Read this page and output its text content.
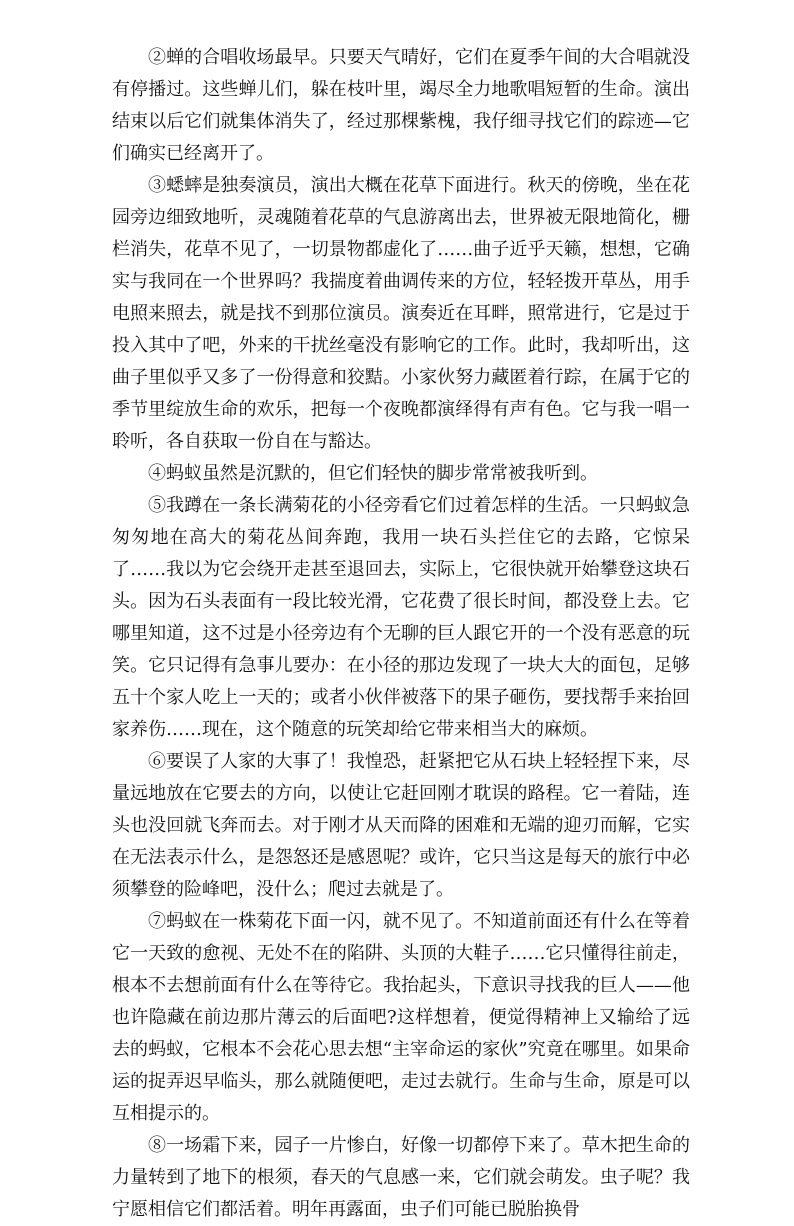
②蝉的合唱收场最早。只要天气晴好，它们在夏季午间的大合唱就没有停播过。这些蝉儿们，躲在枝叶里，竭尽全力地歌唱短暂的生命。演出结束以后它们就集体消失了，经过那棵紫槐，我仔细寻找它们的踪迹—它们确实已经离开了。

③蟋蟀是独奏演员，演出大概在花草下面进行。秋天的傍晚，坐在花园旁边细致地听，灵魂随着花草的气息游离出去，世界被无限地简化，栅栏消失，花草不见了，一切景物都虚化了……曲子近乎天籁，想想，它确实与我同在一个世界吗？我揣度着曲调传来的方位，轻轻拨开草丛，用手电照来照去，就是找不到那位演员。演奏近在耳畔，照常进行，它是过于投入其中了吧，外来的干扰丝毫没有影响它的工作。此时，我却听出，这曲子里似乎又多了一份得意和狡黠。小家伙努力藏匿着行踪，在属于它的季节里绽放生命的欢乐，把每一个夜晚都演绎得有声有色。它与我一唱一聆听，各自获取一份自在与豁达。

④蚂蚁虽然是沉默的，但它们轻快的脚步常常被我听到。

⑤我蹲在一条长满菊花的小径旁看它们过着怎样的生活。一只蚂蚁急匆匆地在高大的菊花丛间奔跑，我用一块石头拦住它的去路，它惊呆了……我以为它会绕开走甚至退回去，实际上，它很快就开始攀登这块石头。因为石头表面有一段比较光滑，它花费了很长时间，都没登上去。它哪里知道，这不过是小径旁边有个无聊的巨人跟它开的一个没有恶意的玩笑。它只记得有急事儿要办：在小径的那边发现了一块大大的面包，足够五十个家人吃上一天的；或者小伙伴被落下的果子砸伤，要找帮手来抬回家养伤……现在，这个随意的玩笑却给它带来相当大的麻烦。

⑥要误了人家的大事了！我惶恐，赶紧把它从石块上轻轻捏下来，尽量远地放在它要去的方向，以使让它赶回刚才耽误的路程。它一着陆，连头也没回就飞奔而去。对于刚才从天而降的困难和无端的迎刃而解，它实在无法表示什么，是怨怒还是感恩呢？或许，它只当这是每天的旅行中必须攀登的险峰吧，没什么；爬过去就是了。

⑦蚂蚁在一株菊花下面一闪，就不见了。不知道前面还有什么在等着它一天致的愈视、无处不在的陷阱、头顶的大鞋子……它只懂得往前走，根本不去想前面有什么在等待它。我抬起头，下意识寻找我的巨人——他也许隐藏在前边那片薄云的后面吧?这样想着，便觉得精神上又输给了远去的蚂蚁，它根本不会花心思去想“主宰命运的家伙”究竟在哪里。如果命运的捉弄迟早临头，那么就随便吧，走过去就行。生命与生命，原是可以互相提示的。

⑧一场霜下来，园子一片惨白，好像一切都停下来了。草木把生命的力量转到了地下的根须，春天的气息感一来，它们就会萌发。虫子呢？我宁愿相信它们都活着。明年再露面，虫子们可能已脱胎换骨
